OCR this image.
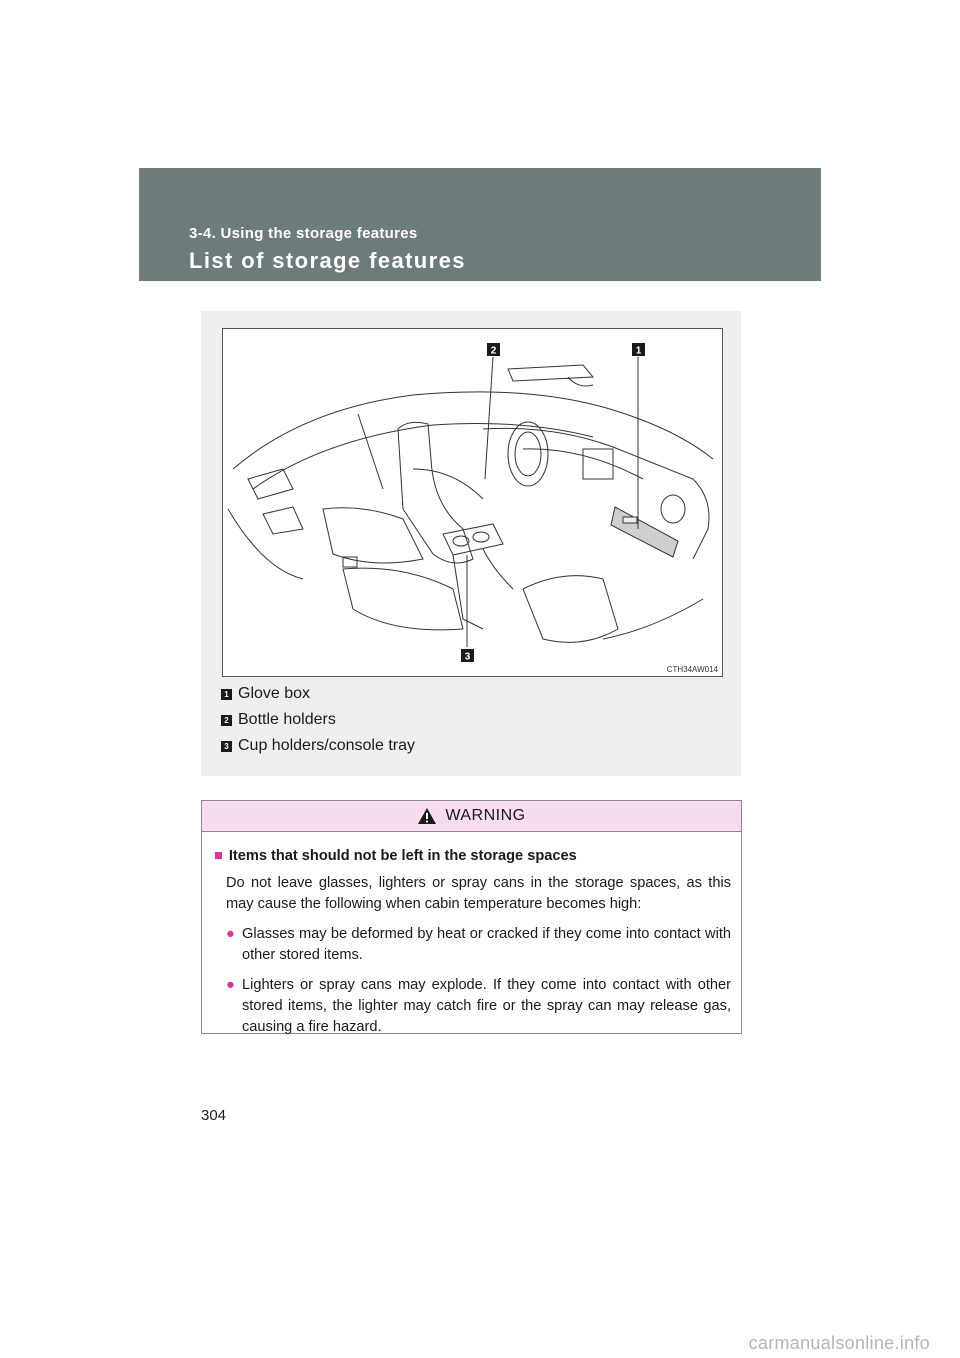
3-4. Using the storage features
List of storage features
1
2
3
CTH34AW014
1 Glove box
2 Bottle holders
3 Cup holders/console tray
WARNING
■ Items that should not be left in the storage spaces
Do not leave glasses, lighters or spray cans in the storage spaces, as this may cause the following when cabin temperature becomes high:
● Glasses may be deformed by heat or cracked if they come into contact with other stored items.
● Lighters or spray cans may explode. If they come into contact with other stored items, the lighter may catch fire or the spray can may release gas, causing a fire hazard.
304
carmanualsonline.info
